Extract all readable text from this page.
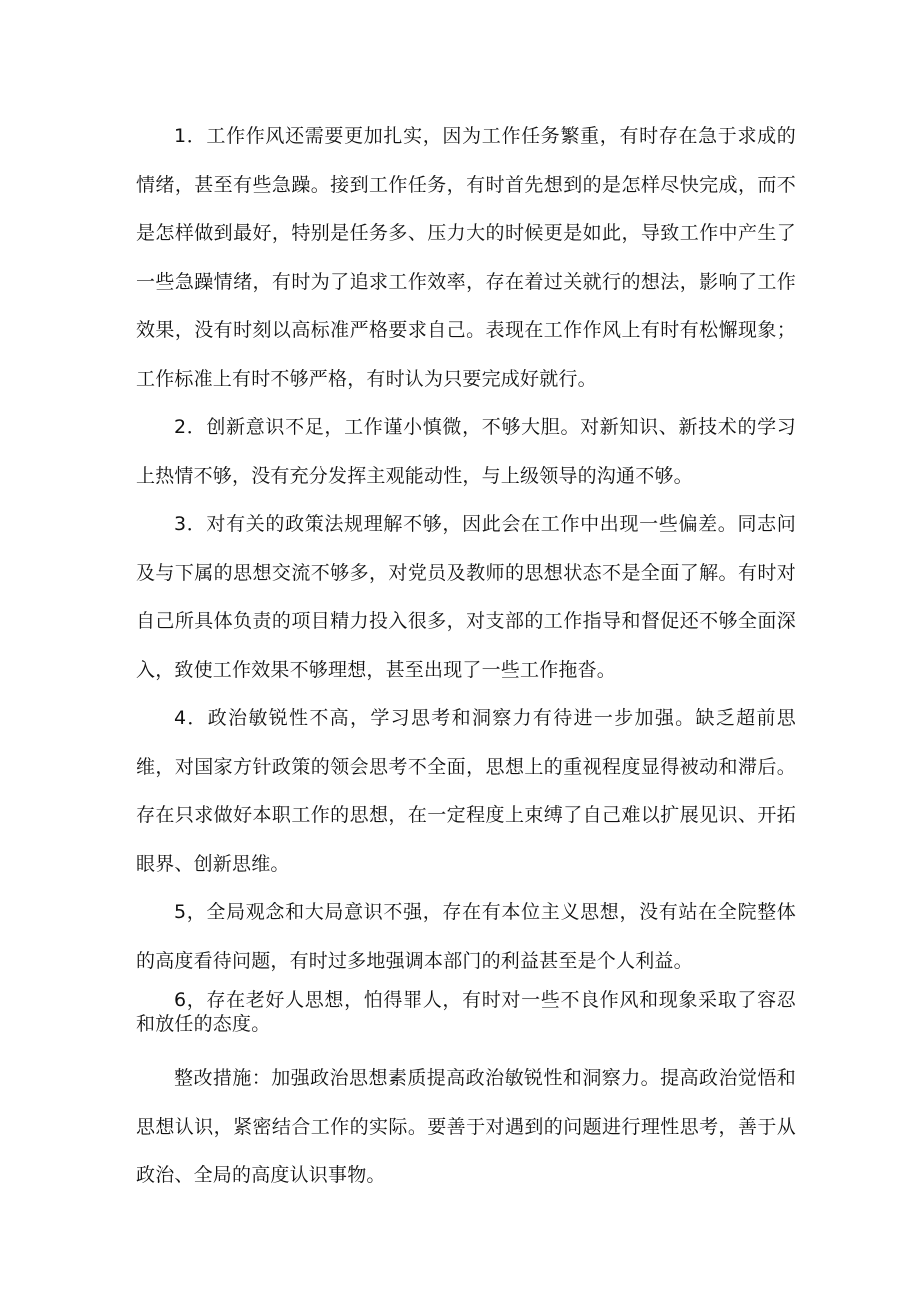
1．工作作风还需要更加扎实，因为工作任务繁重，有时存在急于求成的情绪，甚至有些急躁。接到工作任务，有时首先想到的是怎样尽快完成，而不是怎样做到最好，特别是任务多、压力大的时候更是如此，导致工作中产生了一些急躁情绪，有时为了追求工作效率，存在着过关就行的想法，影响了工作效果，没有时刻以高标准严格要求自己。表现在工作作风上有时有松懈现象；工作标准上有时不够严格，有时认为只要完成好就行。

2．创新意识不足，工作谨小慎微，不够大胆。对新知识、新技术的学习上热情不够，没有充分发挥主观能动性，与上级领导的沟通不够。

3．对有关的政策法规理解不够，因此会在工作中出现一些偏差。同志问及与下属的思想交流不够多，对党员及教师的思想状态不是全面了解。有时对自己所具体负责的项目精力投入很多，对支部的工作指导和督促还不够全面深入，致使工作效果不够理想，甚至出现了一些工作拖沓。

4．政治敏锐性不高，学习思考和洞察力有待进一步加强。缺乏超前思维，对国家方针政策的领会思考不全面，思想上的重视程度显得被动和滞后。存在只求做好本职工作的思想，在一定程度上束缚了自己难以扩展见识、开拓眼界、创新思维。

5，全局观念和大局意识不强，存在有本位主义思想，没有站在全院整体的高度看待问题，有时过多地强调本部门的利益甚至是个人利益。

6，存在老好人思想，怕得罪人，有时对一些不良作风和现象采取了容忍和放任的态度。

整改措施：加强政治思想素质提高政治敏锐性和洞察力。提高政治觉悟和思想认识，紧密结合工作的实际。要善于对遇到的问题进行理性思考，善于从政治、全局的高度认识事物。
